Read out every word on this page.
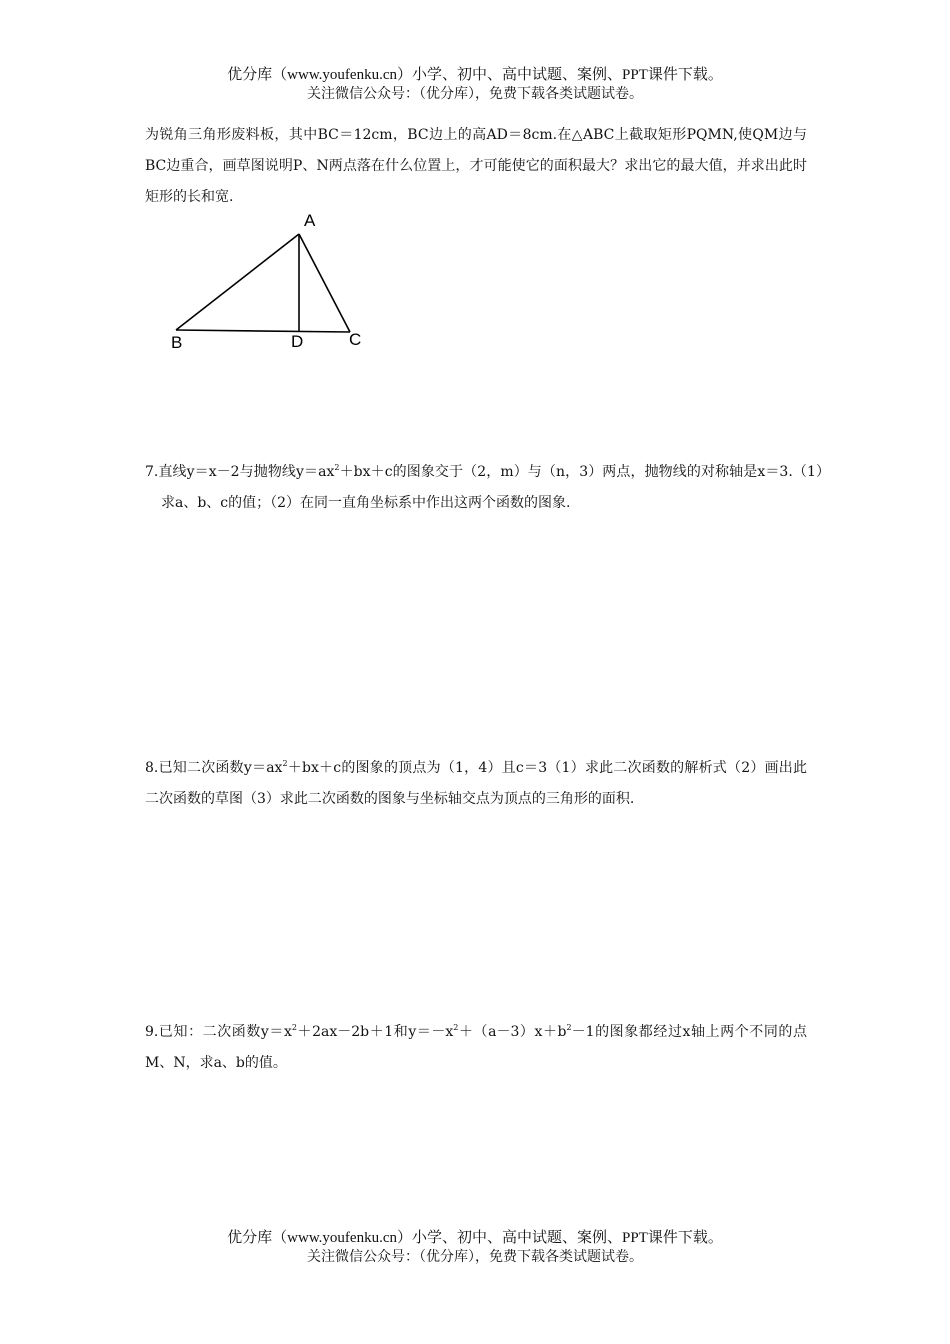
优分库（www.youfenku.cn）小学、初中、高中试题、案例、PPT课件下载。
关注微信公众号：（优分库），免费下载各类试题试卷。
为锐角三角形废料板，其中BC＝12cm，BC边上的高AD＝8cm.在△ABC上截取矩形PQMN,使QM边与BC边重合，画草图说明P、N两点落在什么位置上，才可能使它的面积最大？求出它的最大值，并求出此时矩形的长和宽.
A
B	D	C
7.直线y＝x－2与抛物线$y=ax^2+bx+c$的图象交于（2，m）与（n，3）两点，抛物线的对称轴是x＝3.（1）求a、b、c的值；（2）在同一直角坐标系中作出这两个函数的图象.
8.已知二次函数$y=ax^2+bx+c$的图象的顶点为（1，4）且c＝3（1）求此二次函数的解析式（2）画出此二次函数的草图（3）求此二次函数的图象与坐标轴交点为顶点的三角形的面积.
9.已知：二次函数$y=x^2+2ax-2b+1$和$y=-x^2+(a-3)x+b^2-1$的图象都经过x轴上两个不同的点M、N，求a、b的值。
优分库（www.youfenku.cn）小学、初中、高中试题、案例、PPT课件下载。
关注微信公众号：（优分库），免费下载各类试题试卷。
